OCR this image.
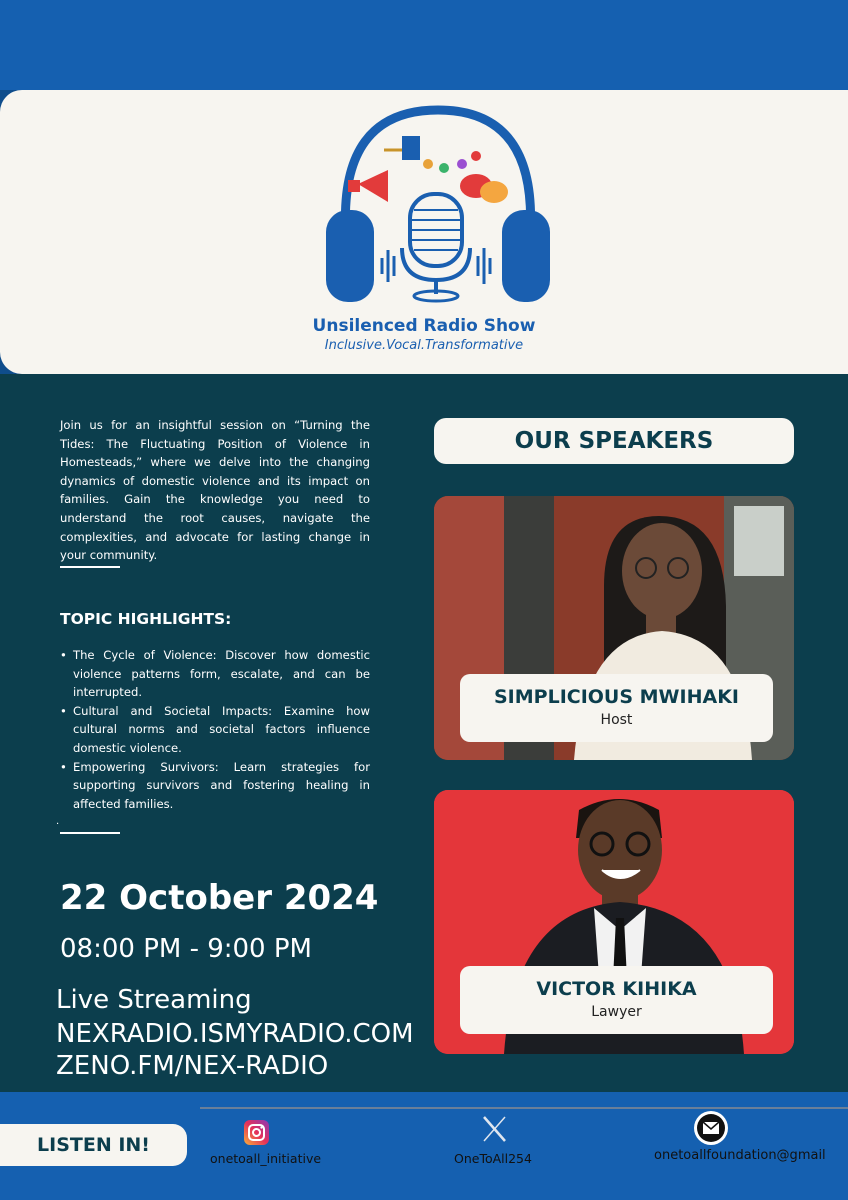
Unsilenced Radio Show
Inclusive.Vocal.Transformative

Join us for an insightful session on “Turning the Tides: The Fluctuating Position of Violence in Homesteads,” where we delve into the changing dynamics of domestic violence and its impact on families. Gain the knowledge you need to understand the root causes, navigate the complexities, and advocate for lasting change in your community.

TOPIC HIGHLIGHTS:
• The Cycle of Violence: Discover how domestic violence patterns form, escalate, and can be interrupted.
• Cultural and Societal Impacts: Examine how cultural norms and societal factors influence domestic violence.
• Empowering Survivors: Learn strategies for supporting survivors and fostering healing in affected families.
·
22 October 2024
08:00 PM - 9:00 PM
Live Streaming
NEXRADIO.ISMYRADIO.COM
ZENO.FM/NEX-RADIO
OUR SPEAKERS
SIMPLICIOUS MWIHAKI
Host
VICTOR KIHIKA
Lawyer
LISTEN IN!
onetoall_initiative	OneToAll254	onetoallfoundation@gmail
